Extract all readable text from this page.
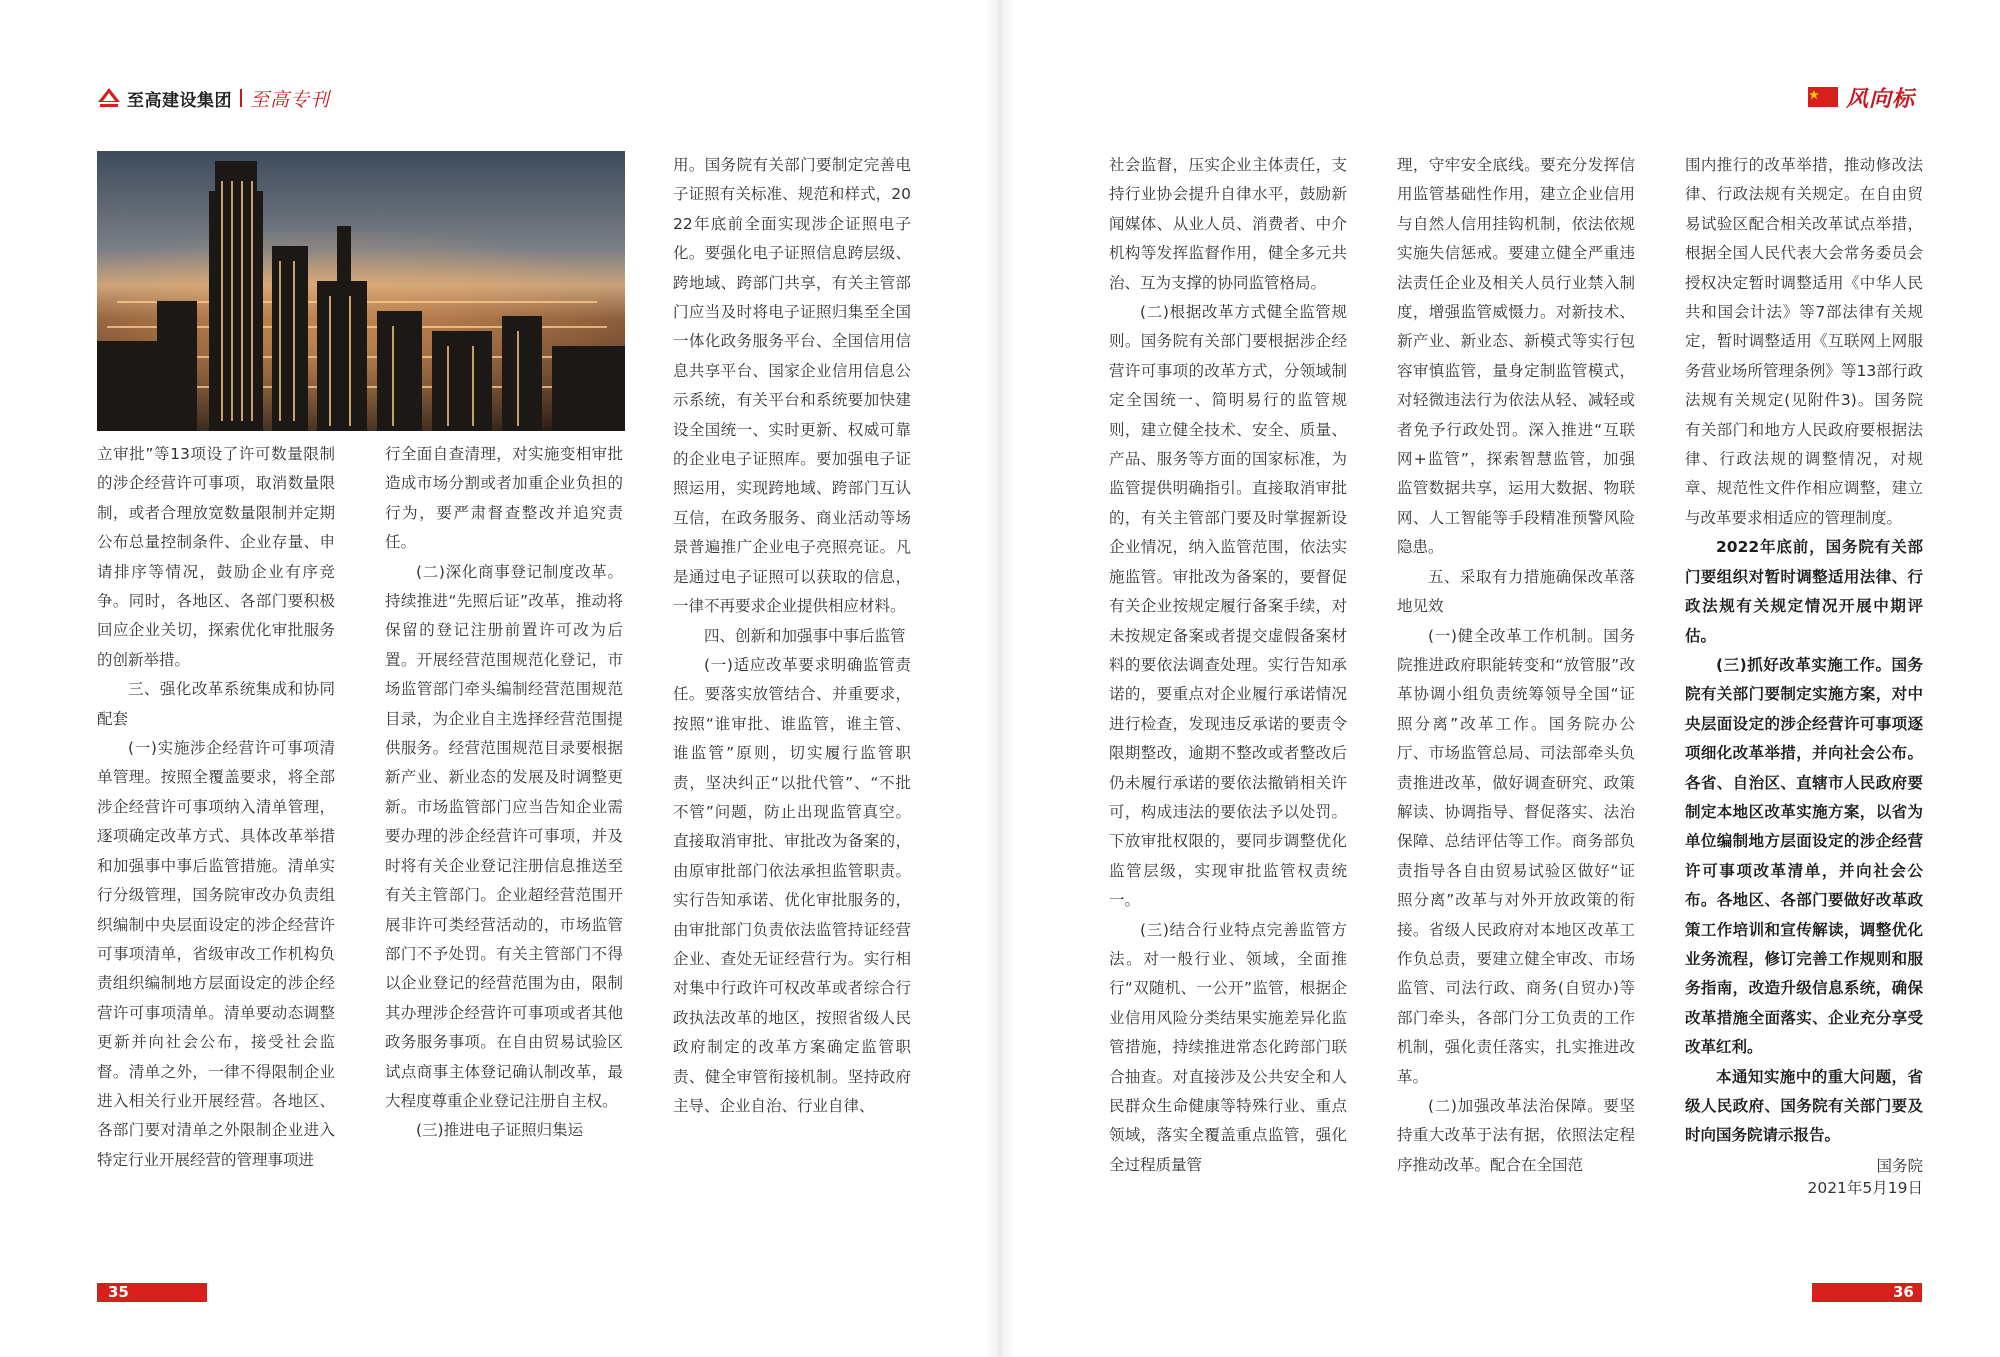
至高建设集团 至高专刊	风向标

立审批”等13项设了许可数量限制的涉企经营许可事项，取消数量限制，或者合理放宽数量限制并定期公布总量控制条件、企业存量、申请排序等情况，鼓励企业有序竞争。同时，各地区、各部门要积极回应企业关切，探索优化审批服务的创新举措。

三、强化改革系统集成和协同配套

(一)实施涉企经营许可事项清单管理。按照全覆盖要求，将全部涉企经营许可事项纳入清单管理，逐项确定改革方式、具体改革举措和加强事中事后监管措施。清单实行分级管理，国务院审改办负责组织编制中央层面设定的涉企经营许可事项清单，省级审改工作机构负责组织编制地方层面设定的涉企经营许可事项清单。清单要动态调整更新并向社会公布，接受社会监督。清单之外，一律不得限制企业进入相关行业开展经营。各地区、各部门要对清单之外限制企业进入特定行业开展经营的管理事项进

行全面自查清理，对实施变相审批造成市场分割或者加重企业负担的行为，要严肃督查整改并追究责任。

(二)深化商事登记制度改革。持续推进“先照后证”改革，推动将保留的登记注册前置许可改为后置。开展经营范围规范化登记，市场监管部门牵头编制经营范围规范目录，为企业自主选择经营范围提供服务。经营范围规范目录要根据新产业、新业态的发展及时调整更新。市场监管部门应当告知企业需要办理的涉企经营许可事项，并及时将有关企业登记注册信息推送至有关主管部门。企业超经营范围开展非许可类经营活动的，市场监管部门不予处罚。有关主管部门不得以企业登记的经营范围为由，限制其办理涉企经营许可事项或者其他政务服务事项。在自由贸易试验区试点商事主体登记确认制改革，最大程度尊重企业登记注册自主权。

(三)推进电子证照归集运

用。国务院有关部门要制定完善电子证照有关标准、规范和样式，2022年底前全面实现涉企证照电子化。要强化电子证照信息跨层级、跨地域、跨部门共享，有关主管部门应当及时将电子证照归集至全国一体化政务服务平台、全国信用信息共享平台、国家企业信用信息公示系统，有关平台和系统要加快建设全国统一、实时更新、权威可靠的企业电子证照库。要加强电子证照运用，实现跨地域、跨部门互认互信，在政务服务、商业活动等场景普遍推广企业电子亮照亮证。凡是通过电子证照可以获取的信息，一律不再要求企业提供相应材料。

四、创新和加强事中事后监管

(一)适应改革要求明确监管责任。要落实放管结合、并重要求，按照“谁审批、谁监管，谁主管、谁监管”原则，切实履行监管职责，坚决纠正“以批代管”、“不批不管”问题，防止出现监管真空。直接取消审批、审批改为备案的，由原审批部门依法承担监管职责。实行告知承诺、优化审批服务的，由审批部门负责依法监管持证经营企业、查处无证经营行为。实行相对集中行政许可权改革或者综合行政执法改革的地区，按照省级人民政府制定的改革方案确定监管职责、健全审管衔接机制。坚持政府主导、企业自治、行业自律、

社会监督，压实企业主体责任，支持行业协会提升自律水平，鼓励新闻媒体、从业人员、消费者、中介机构等发挥监督作用，健全多元共治、互为支撑的协同监管格局。

(二)根据改革方式健全监管规则。国务院有关部门要根据涉企经营许可事项的改革方式，分领域制定全国统一、简明易行的监管规则，建立健全技术、安全、质量、产品、服务等方面的国家标准，为监管提供明确指引。直接取消审批的，有关主管部门要及时掌握新设企业情况，纳入监管范围，依法实施监管。审批改为备案的，要督促有关企业按规定履行备案手续，对未按规定备案或者提交虚假备案材料的要依法调查处理。实行告知承诺的，要重点对企业履行承诺情况进行检查，发现违反承诺的要责令限期整改，逾期不整改或者整改后仍未履行承诺的要依法撤销相关许可，构成违法的要依法予以处罚。下放审批权限的，要同步调整优化监管层级，实现审批监管权责统一。

(三)结合行业特点完善监管方法。对一般行业、领域，全面推行“双随机、一公开”监管，根据企业信用风险分类结果实施差异化监管措施，持续推进常态化跨部门联合抽查。对直接涉及公共安全和人民群众生命健康等特殊行业、重点领域，落实全覆盖重点监管，强化全过程质量管

理，守牢安全底线。要充分发挥信用监管基础性作用，建立企业信用与自然人信用挂钩机制，依法依规实施失信惩戒。要建立健全严重违法责任企业及相关人员行业禁入制度，增强监管威慑力。对新技术、新产业、新业态、新模式等实行包容审慎监管，量身定制监管模式，对轻微违法行为依法从轻、减轻或者免予行政处罚。深入推进“互联网+监管”，探索智慧监管，加强监管数据共享，运用大数据、物联网、人工智能等手段精准预警风险隐患。

五、采取有力措施确保改革落地见效

(一)健全改革工作机制。国务院推进政府职能转变和“放管服”改革协调小组负责统筹领导全国“证照分离”改革工作。国务院办公厅、市场监管总局、司法部牵头负责推进改革，做好调查研究、政策解读、协调指导、督促落实、法治保障、总结评估等工作。商务部负责指导各自由贸易试验区做好“证照分离”改革与对外开放政策的衔接。省级人民政府对本地区改革工作负总责，要建立健全审改、市场监管、司法行政、商务(自贸办)等部门牵头，各部门分工负责的工作机制，强化责任落实，扎实推进改革。

(二)加强改革法治保障。要坚持重大改革于法有据，依照法定程序推动改革。配合在全国范

围内推行的改革举措，推动修改法律、行政法规有关规定。在自由贸易试验区配合相关改革试点举措，根据全国人民代表大会常务委员会授权决定暂时调整适用《中华人民共和国会计法》等7部法律有关规定，暂时调整适用《互联网上网服务营业场所管理条例》等13部行政法规有关规定(见附件3)。国务院有关部门和地方人民政府要根据法律、行政法规的调整情况，对规章、规范性文件作相应调整，建立与改革要求相适应的管理制度。

2022年底前，国务院有关部门要组织对暂时调整适用法律、行政法规有关规定情况开展中期评估。

(三)抓好改革实施工作。国务院有关部门要制定实施方案，对中央层面设定的涉企经营许可事项逐项细化改革举措，并向社会公布。各省、自治区、直辖市人民政府要制定本地区改革实施方案，以省为单位编制地方层面设定的涉企经营许可事项改革清单，并向社会公布。各地区、各部门要做好改革政策工作培训和宣传解读，调整优化业务流程，修订完善工作规则和服务指南，改造升级信息系统，确保改革措施全面落实、企业充分享受改革红利。

本通知实施中的重大问题，省级人民政府、国务院有关部门要及时向国务院请示报告。

国务院

2021年5月19日

35	36
